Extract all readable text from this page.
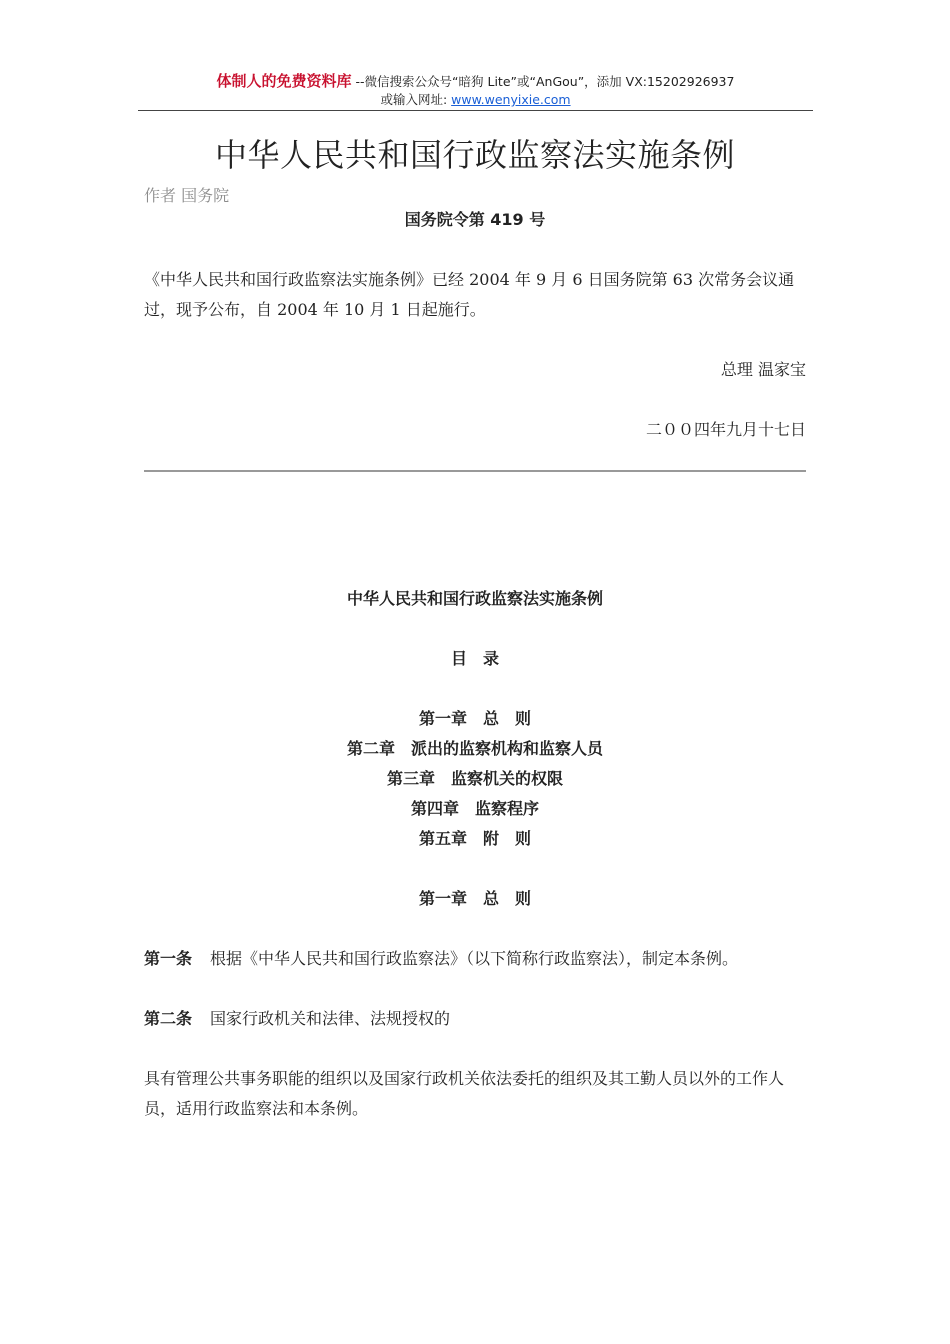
体制人的免费资料库 --微信搜索公众号“暗狗 Lite”或“AnGou”，添加 VX:15202926937
或输入网址: www.wenyixie.com
中华人民共和国行政监察法实施条例
作者 国务院

国务院令第 419 号

《中华人民共和国行政监察法实施条例》已经 2004 年 9 月 6 日国务院第 63 次常务会议通过，现予公布，自 2004 年 10 月 1 日起施行。

总理 温家宝

二００四年九月十七日

中华人民共和国行政监察法实施条例

目　录

第一章　总　则

第二章　派出的监察机构和监察人员

第三章　监察机关的权限

第四章　监察程序

第五章　附　则

第一章　总　则

第一条 根据《中华人民共和国行政监察法》（以下简称行政监察法），制定本条例。

第二条 国家行政机关和法律、法规授权的

具有管理公共事务职能的组织以及国家行政机关依法委托的组织及其工勤人员以外的工作人员，适用行政监察法和本条例。
